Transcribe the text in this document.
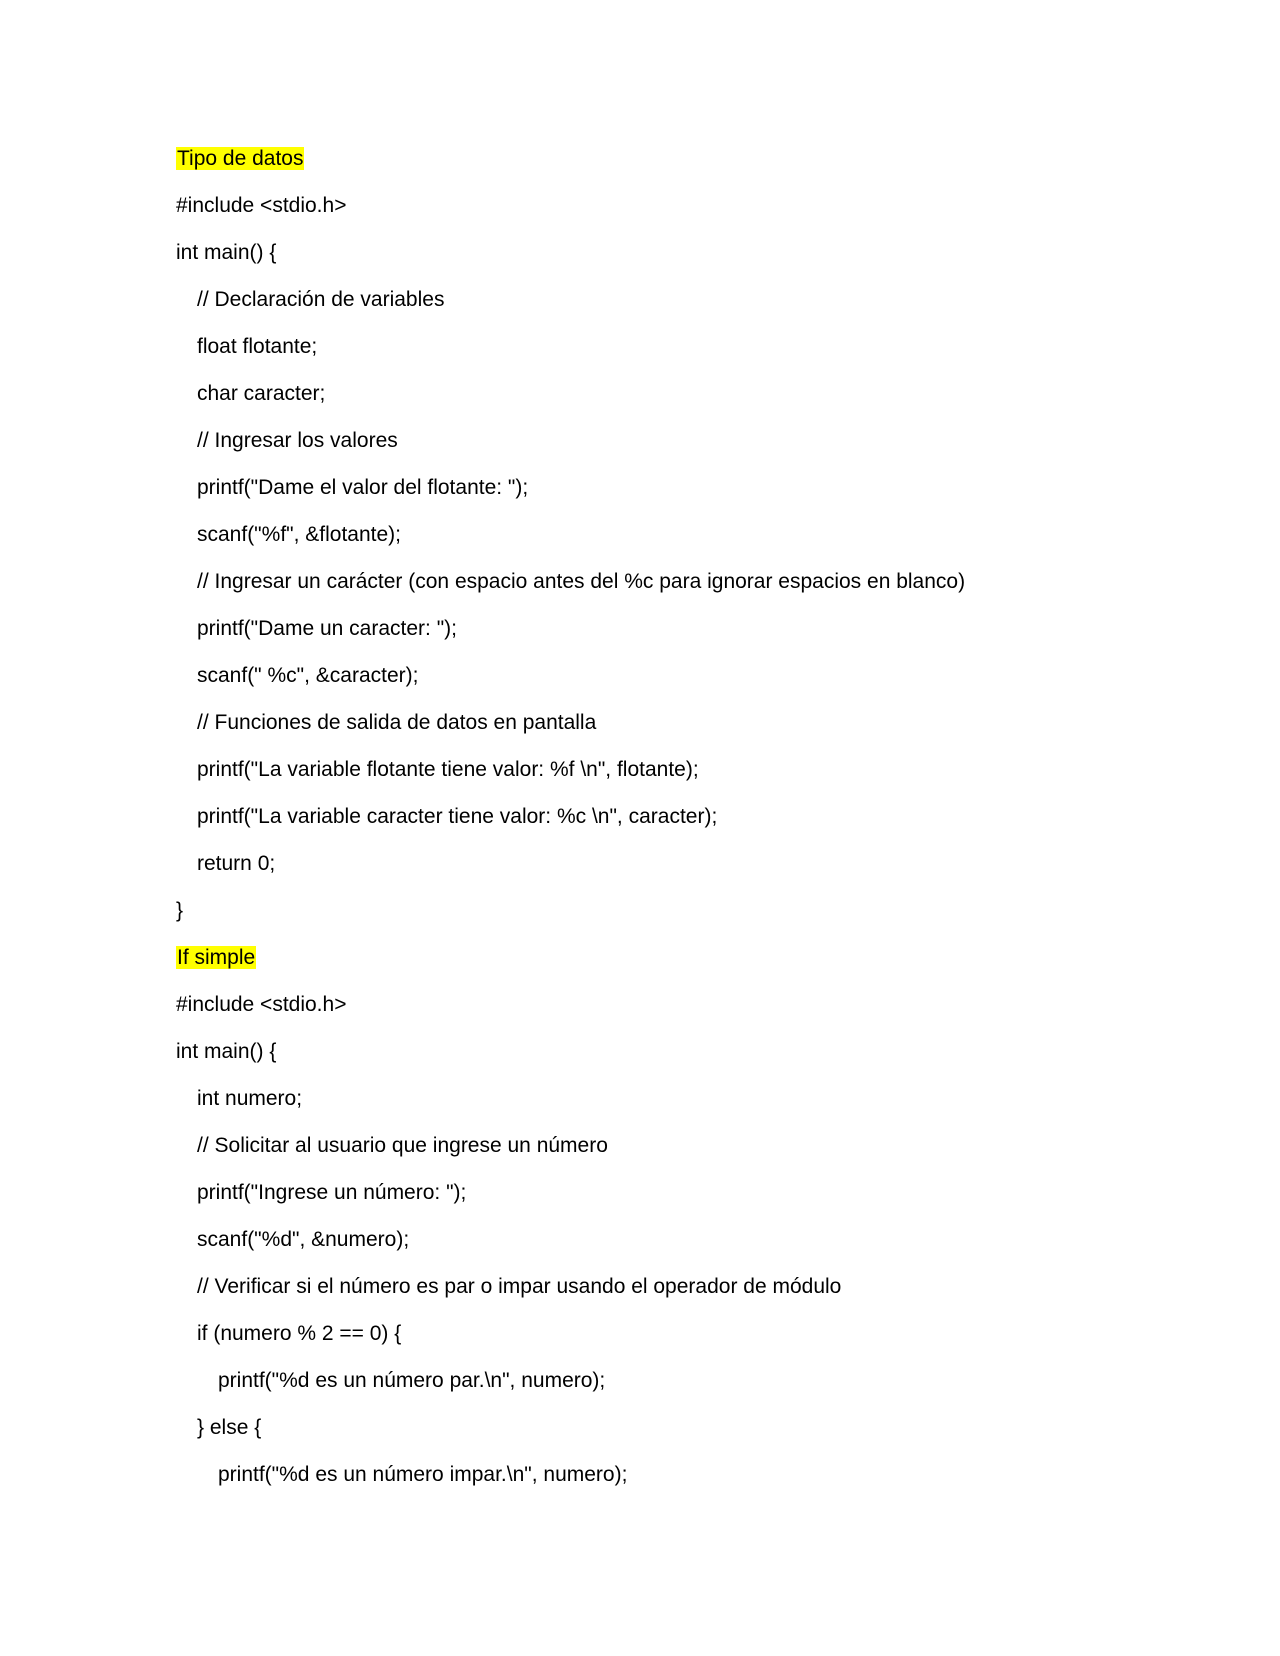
Tipo de datos
#include <stdio.h>
int main() {
// Declaración de variables
float flotante;
char caracter;
// Ingresar los valores
printf("Dame el valor del flotante: ");
scanf("%f", &flotante);
// Ingresar un carácter (con espacio antes del %c para ignorar espacios en blanco)
printf("Dame un caracter: ");
scanf(" %c", &caracter);
// Funciones de salida de datos en pantalla
printf("La variable flotante tiene valor: %f \n", flotante);
printf("La variable caracter tiene valor: %c \n", caracter);
return 0;
}
If simple
#include <stdio.h>
int main() {
int numero;
// Solicitar al usuario que ingrese un número
printf("Ingrese un número: ");
scanf("%d", &numero);
// Verificar si el número es par o impar usando el operador de módulo
if (numero % 2 == 0) {
printf("%d es un número par.\n", numero);
} else {
printf("%d es un número impar.\n", numero);
